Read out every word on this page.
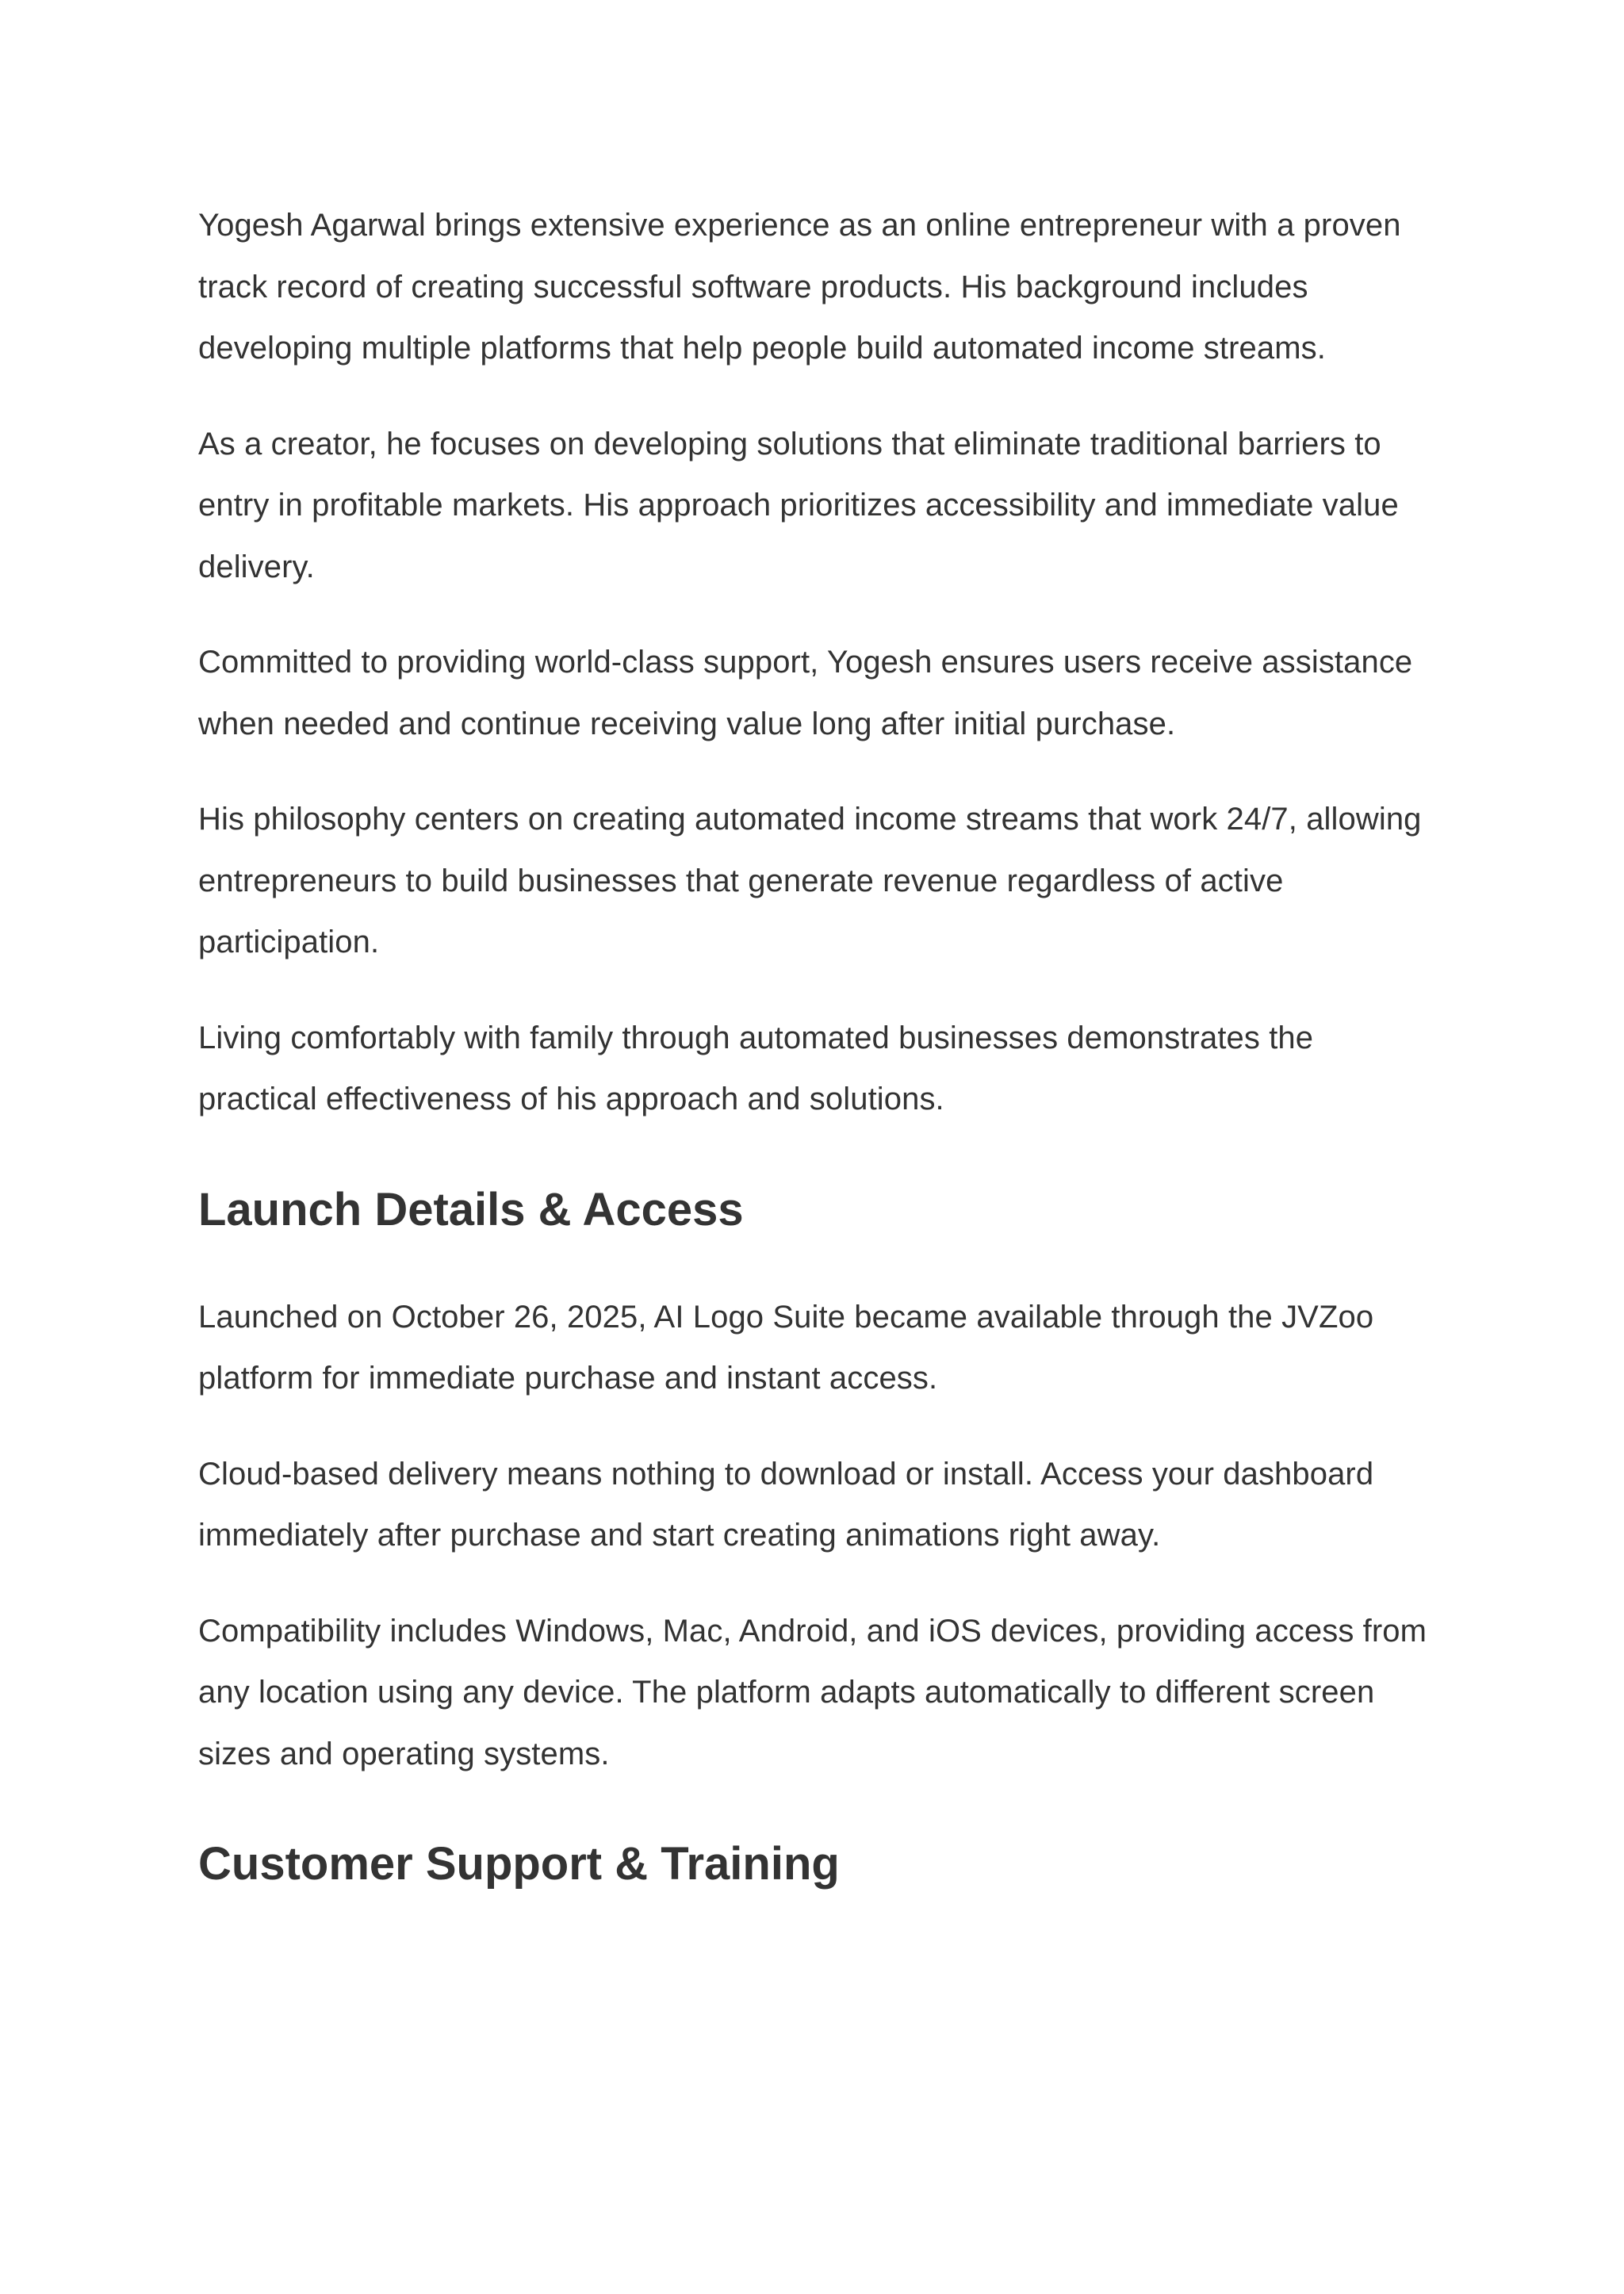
Yogesh Agarwal brings extensive experience as an online entrepreneur with a proven track record of creating successful software products. His background includes developing multiple platforms that help people build automated income streams.

As a creator, he focuses on developing solutions that eliminate traditional barriers to entry in profitable markets. His approach prioritizes accessibility and immediate value delivery.

Committed to providing world-class support, Yogesh ensures users receive assistance when needed and continue receiving value long after initial purchase.

His philosophy centers on creating automated income streams that work 24/7, allowing entrepreneurs to build businesses that generate revenue regardless of active participation.

Living comfortably with family through automated businesses demonstrates the practical effectiveness of his approach and solutions.

Launch Details & Access

Launched on October 26, 2025, AI Logo Suite became available through the JVZoo platform for immediate purchase and instant access.

Cloud-based delivery means nothing to download or install. Access your dashboard immediately after purchase and start creating animations right away.

Compatibility includes Windows, Mac, Android, and iOS devices, providing access from any location using any device. The platform adapts automatically to different screen sizes and operating systems.

Customer Support & Training
